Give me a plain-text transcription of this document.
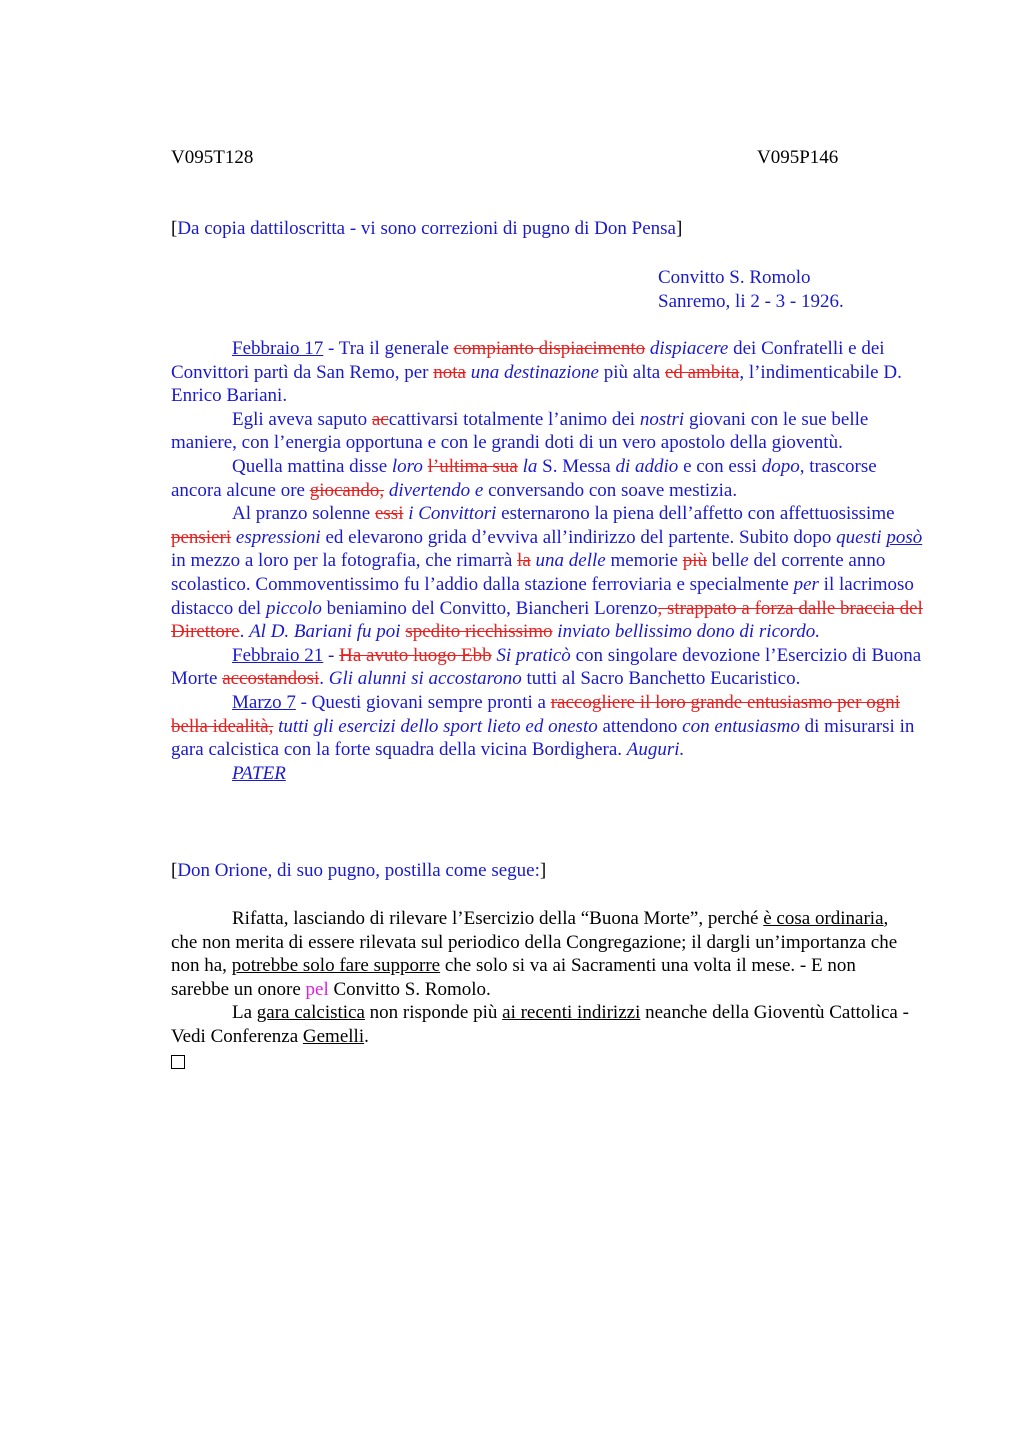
V095T128	V095P146
[Da copia dattiloscritta - vi sono correzioni di pugno di Don Pensa]
Convitto S. Romolo
Sanremo, li 2 - 3 - 1926.

Febbraio 17 - Tra il generale compianto dispiacimento dispiacere dei Confratelli e dei Convittori partì da San Remo, per nota una destinazione più alta ed ambita, l’indimenticabile D. Enrico Bariani.

Egli aveva saputo accattivarsi totalmente l’animo dei nostri giovani con le sue belle maniere, con l’energia opportuna e con le grandi doti di un vero apostolo della gioventù.

Quella mattina disse loro l’ultima sua la S. Messa di addio e con essi dopo, trascorse ancora alcune ore giocando, divertendo e conversando con soave mestizia.

Al pranzo solenne essi i Convittori esternarono la piena dell’affetto con affettuosissime pensieri espressioni ed elevarono grida d’evviva all’indirizzo del partente. Subito dopo questi posò in mezzo a loro per la fotografia, che rimarrà la una delle memorie più belle del corrente anno scolastico. Commoventissimo fu l’addio dalla stazione ferroviaria e specialmente per il lacrimoso distacco del piccolo beniamino del Convitto, Biancheri Lorenzo, strappato a forza dalle braccia del Direttore. Al D. Bariani fu poi spedito ricchissimo inviato bellissimo dono di ricordo.

Febbraio 21 - Ha avuto luogo Ebb Si praticò con singolare devozione l’Esercizio di Buona Morte accostandosi. Gli alunni si accostarono tutti al Sacro Banchetto Eucaristico.

Marzo 7 - Questi giovani sempre pronti a raccogliere il loro grande entusiasmo per ogni bella idealità, tutti gli esercizi dello sport lieto ed onesto attendono con entusiasmo di misurarsi in gara calcistica con la forte squadra della vicina Bordighera. Auguri.

PATER

[Don Orione, di suo pugno, postilla come segue:]

Rifatta, lasciando di rilevare l’Esercizio della “Buona Morte”, perché è cosa ordinaria, che non merita di essere rilevata sul periodico della Congregazione; il dargli un’importanza che non ha, potrebbe solo fare supporre che solo si va ai Sacramenti una volta il mese. - E non sarebbe un onore pel Convitto S. Romolo.

La gara calcistica non risponde più ai recenti indirizzi neanche della Gioventù Cattolica - Vedi Conferenza Gemelli.
